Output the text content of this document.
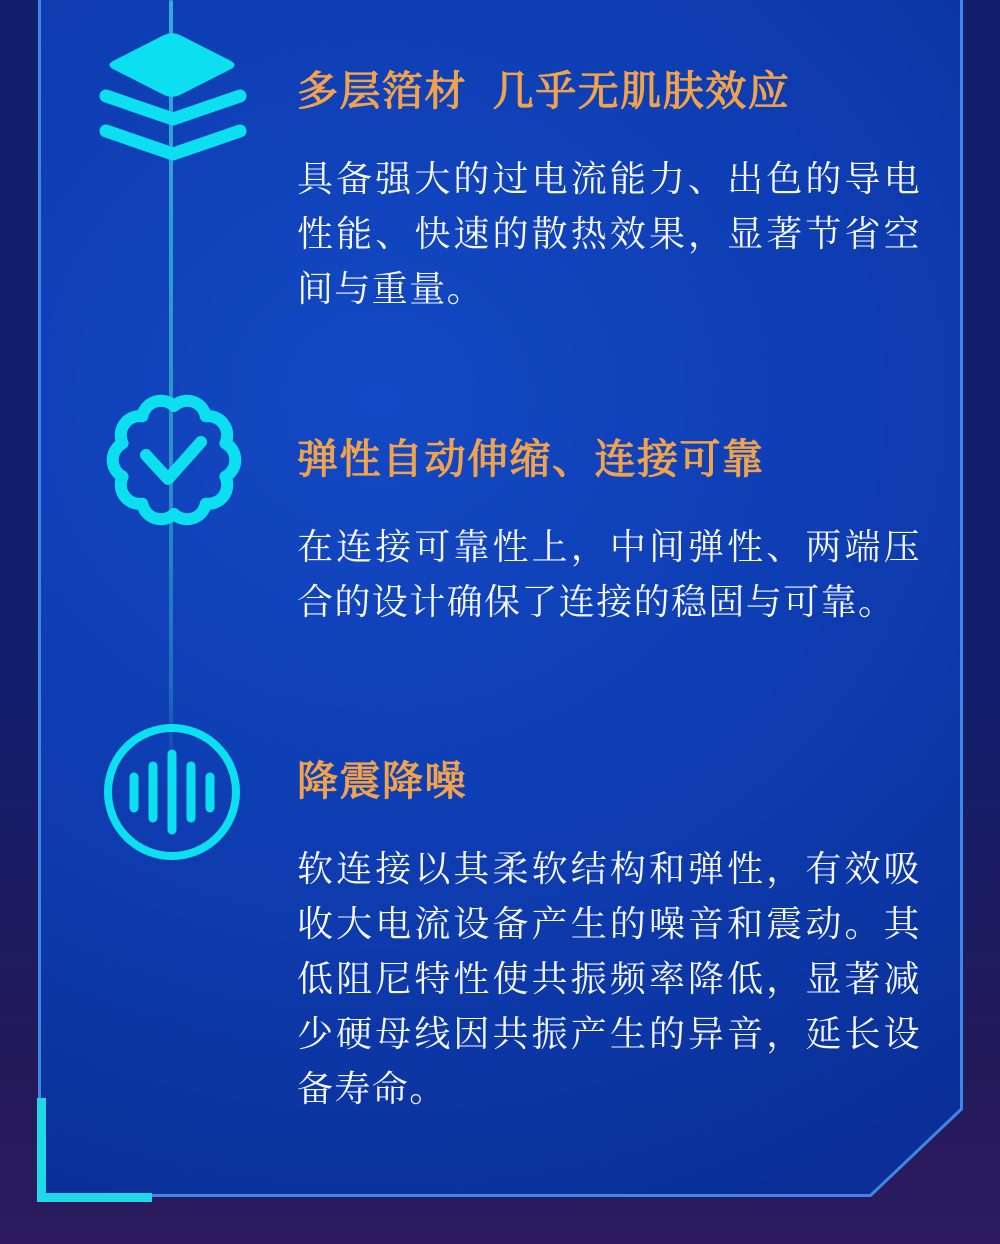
多层箔材  几乎无肌肤效应

具备强大的过电流能力、出色的导电性能、快速的散热效果，显著节省空间与重量。

弹性自动伸缩、连接可靠

在连接可靠性上，中间弹性、两端压合的设计确保了连接的稳固与可靠。

降震降噪

软连接以其柔软结构和弹性，有效吸收大电流设备产生的噪音和震动。其低阻尼特性使共振频率降低，显著减少硬母线因共振产生的异音，延长设备寿命。
